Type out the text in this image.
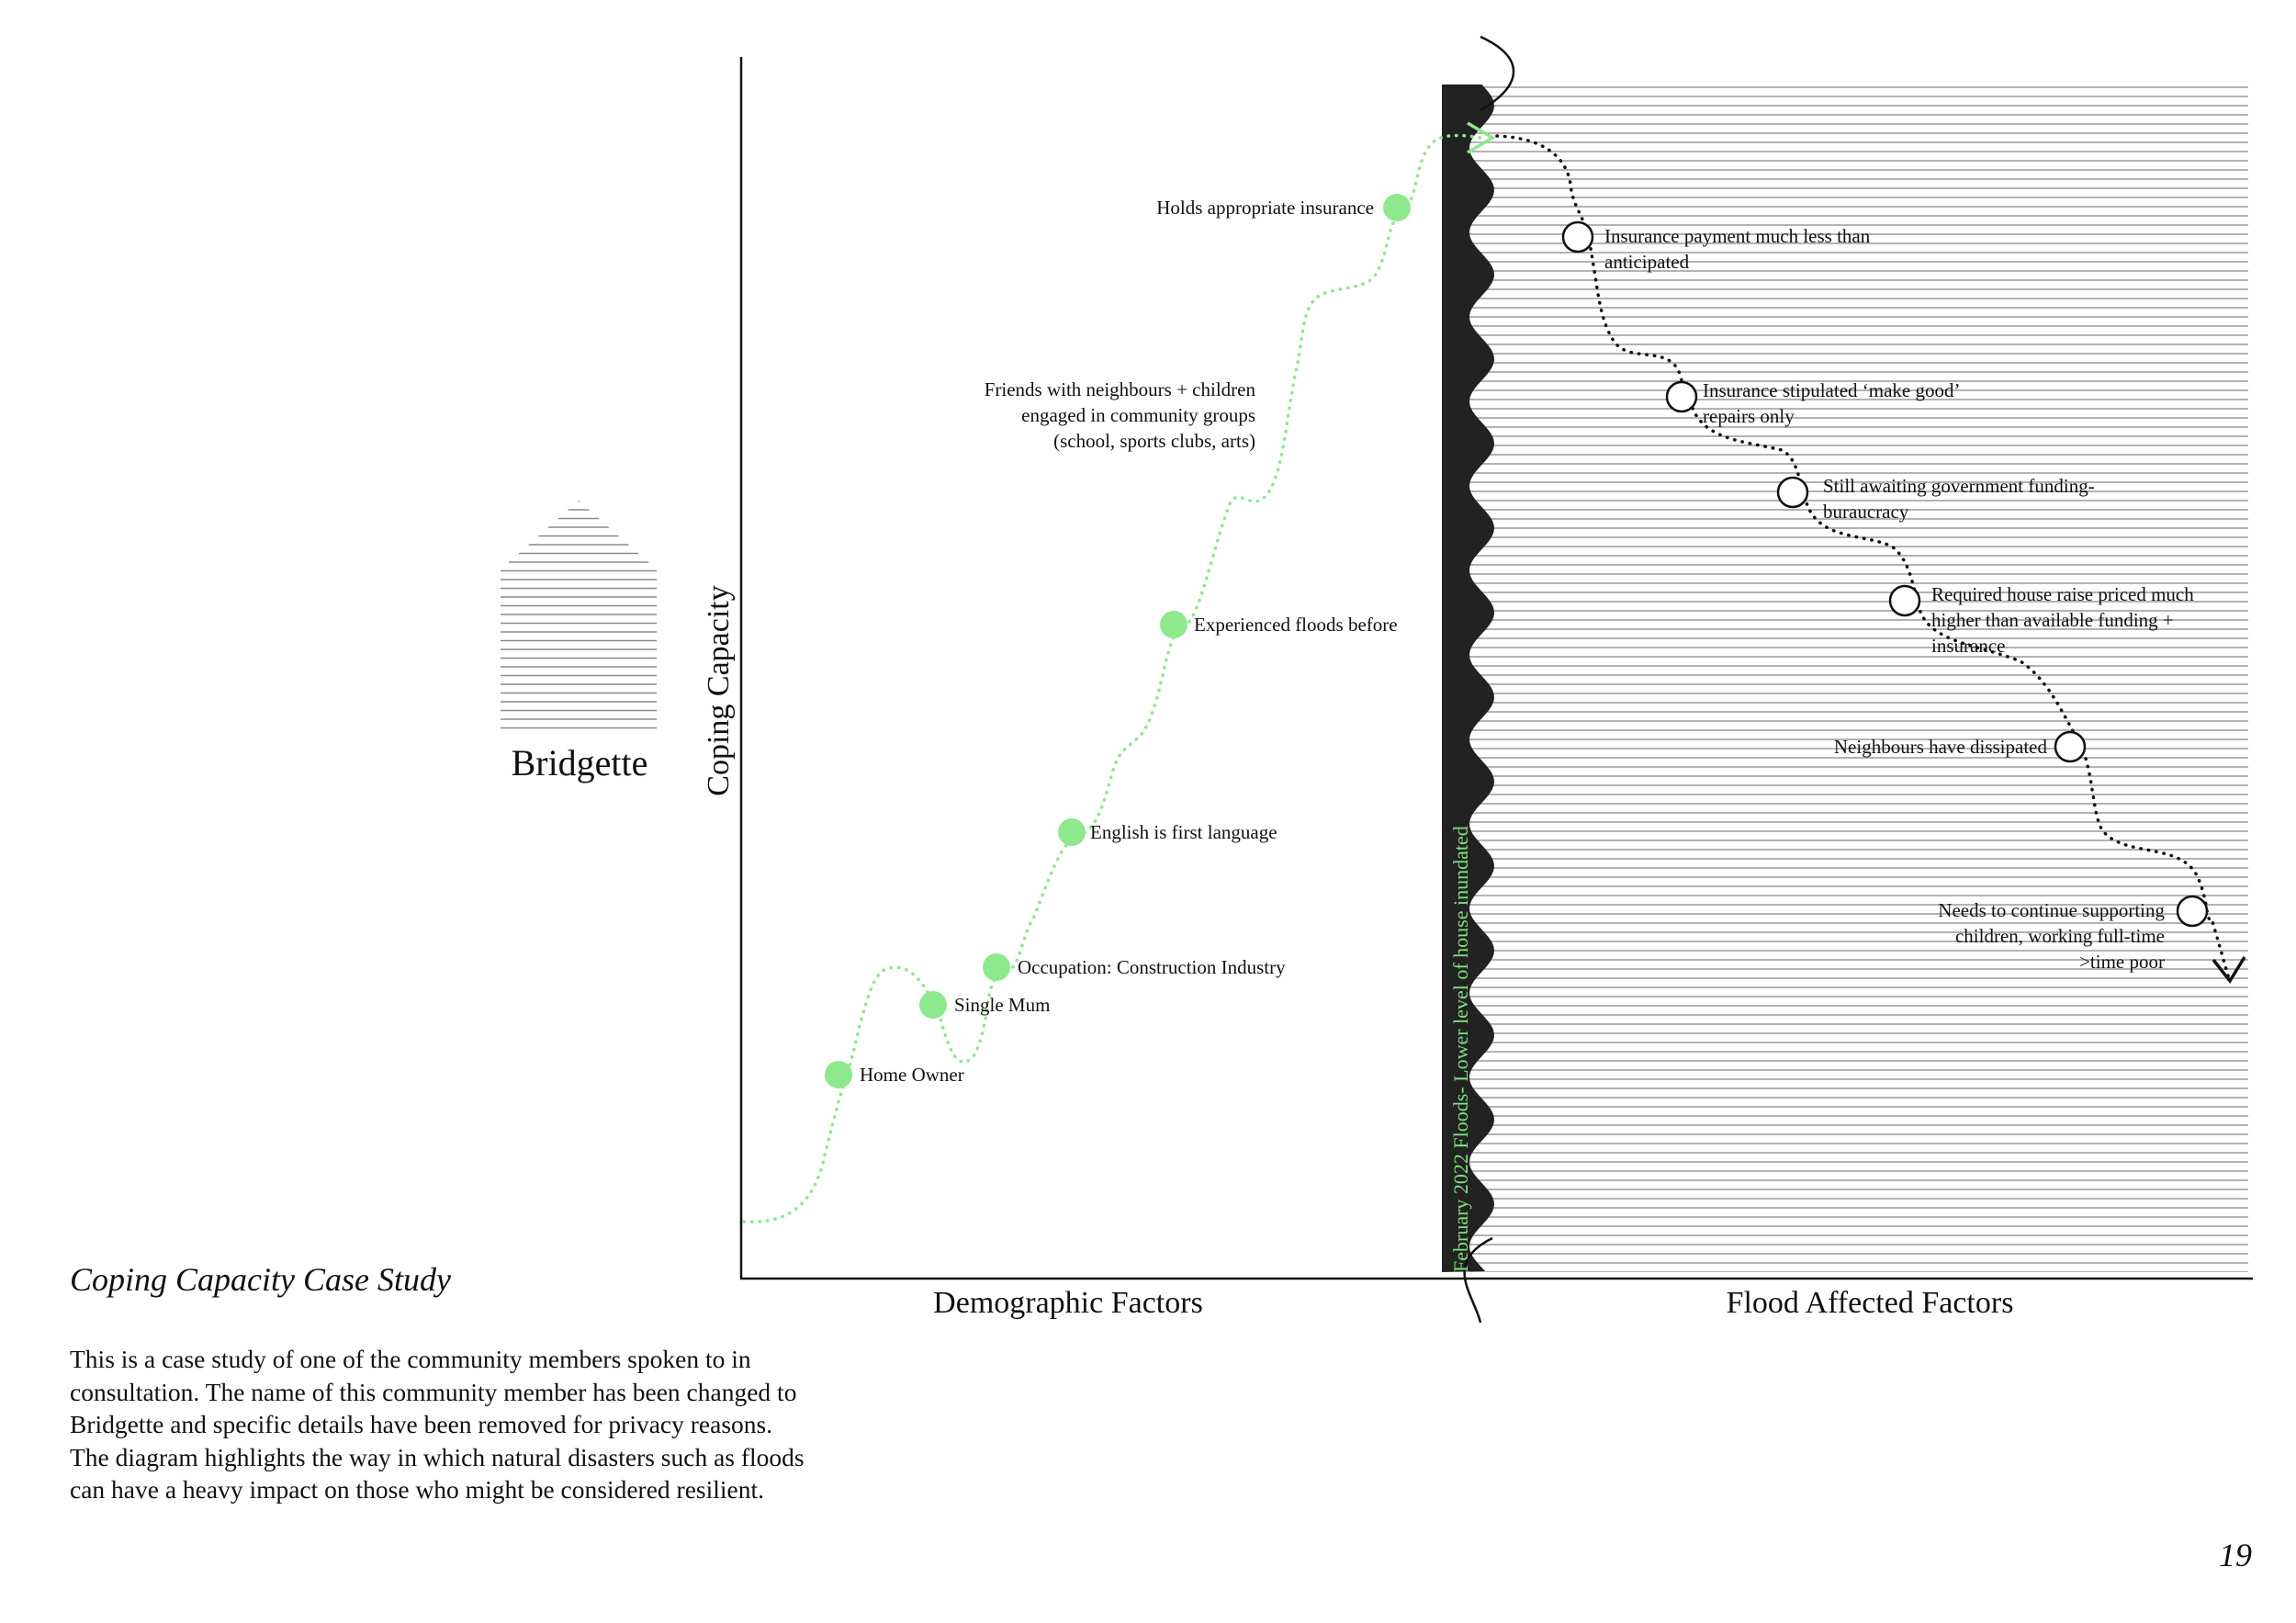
Bridgette
February 2022 Floods- Lower level of house inundated
Coping Capacity
Demographic Factors	Flood Affected Factors
Home Owner
Single Mum
Occupation: Construction Industry
English is first language
Experienced floods before
Friends with neighbours + children engaged in community groups (school, sports clubs, arts)
Holds appropriate insurance
Insurance payment much less than anticipated
Insurance stipulated ‘make good’ repairs only
Still awaiting government funding-buraucracy
Required house raise priced much higher than available funding + insurance
Neighbours have dissipated
Needs to continue supporting children, working full-time >time poor
Coping Capacity Case Study

This is a case study of one of the community members spoken to in consultation. The name of this community member has been changed to Bridgette and specific details have been removed for privacy reasons.

The diagram highlights the way in which natural disasters such as floods can have a heavy impact on those who might be considered resilient.

19
